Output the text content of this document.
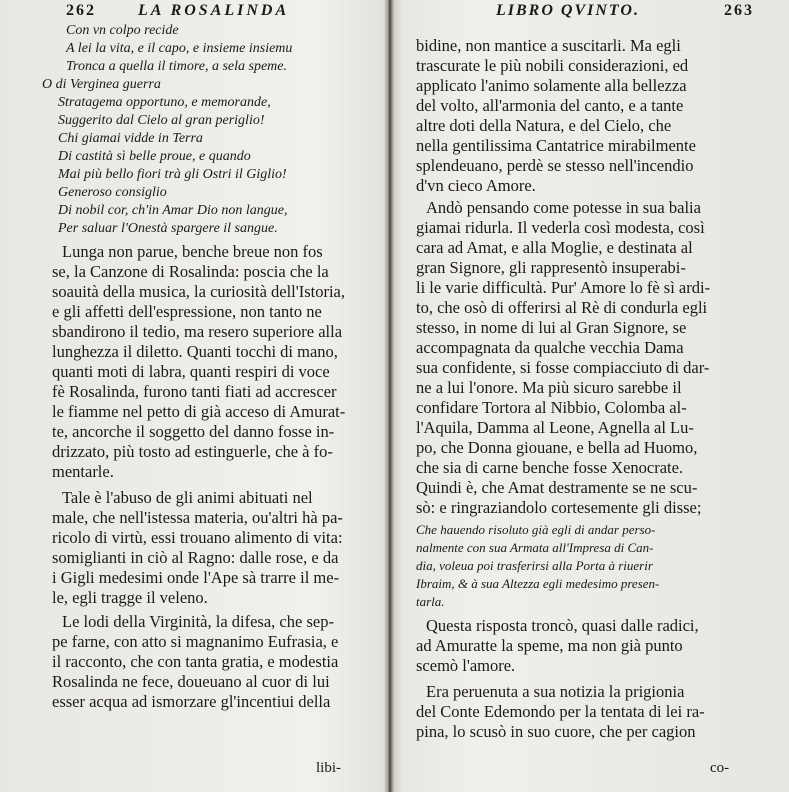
262	LA ROSALINDA
Con vn colpo recide
A lei la vita, e il capo, e insieme insiemu
Tronca a quella il timore, a sela speme.
O di Verginea guerra
Stratagema opportuno, e memorande,
Suggerito dal Cielo al gran periglio!
Chi giamai vidde in Terra
Di castità sì belle proue, e quando
Mai più bello fiori trà gli Ostri il Giglio!
Generoso consiglio
Di nobil cor, ch'in Amar Dio non langue,
Per saluar l'Onestà spargere il sangue.
Lunga non parue, benche breue non fos
se, la Canzone di Rosalinda: poscia che la
soauità della musica, la curiosità dell'Istoria,
e gli affetti dell'espressione, non tanto ne
sbandirono il tedio, ma resero superiore alla
lunghezza il diletto. Quanti tocchi di mano,
quanti moti di labra, quanti respiri di voce
fè Rosalinda, furono tanti fiati ad accrescer
le fiamme nel petto di già acceso di Amurat-
te, ancorche il soggetto del danno fosse in-
drizzato, più tosto ad estinguerle, che à fo-
mentarle.
Tale è l'abuso de gli animi abituati nel
male, che nell'istessa materia, ou'altri hà pa-
ricolo di virtù, essi trouano alimento di vita:
somiglianti in ciò al Ragno: dalle rose, e da
i Gigli medesimi onde l'Ape sà trarre il me-
le, egli tragge il veleno.
Le lodi della Virginità, la difesa, che sep-
pe farne, con atto si magnanimo Eufrasia, e
il racconto, che con tanta gratia, e modestia
Rosalinda ne fece, doueuano al cuor di lui
esser acqua ad ismorzare gl'incentiui della
libi-
LIBRO QVINTO.	263
bidine, non mantice a suscitarli. Ma egli
trascurate le più nobili considerazioni, ed
applicato l'animo solamente alla bellezza
del volto, all'armonia del canto, e a tante
altre doti della Natura, e del Cielo, che
nella gentilissima Cantatrice mirabilmente
splendeuano, perdè se stesso nell'incendio
d'vn cieco Amore.
Andò pensando come potesse in sua balia
giamai ridurla. Il vederla così modesta, così
cara ad Amat, e alla Moglie, e destinata al
gran Signore, gli rappresentò insuperabi-
li le varie difficultà. Pur' Amore lo fè sì ardi-
to, che osò di offerirsi al Rè di condurla egli
stesso, in nome di lui al Gran Signore, se
accompagnata da qualche vecchia Dama
sua confidente, si fosse compiacciuto di dar-
ne a lui l'onore. Ma più sicuro sarebbe il
confidare Tortora al Nibbio, Colomba al-
l'Aquila, Damma al Leone, Agnella al Lu-
po, che Donna giouane, e bella ad Huomo,
che sia di carne benche fosse Xenocrate.
Quindi è, che Amat destramente se ne scu-
sò: e ringraziandolo cortesemente gli disse;
Che hauendo risoluto già egli di andar perso-
nalmente con sua Armata all'Impresa di Can-
dia, voleua poi trasferirsi alla Porta à riuerir
Ibraim, & à sua Altezza egli medesimo presen-
tarla.
Questa risposta troncò, quasi dalle radici,
ad Amuratte la speme, ma non già punto
scemò l'amore.
Era peruenuta a sua notizia la prigionia
del Conte Edemondo per la tentata di lei ra-
pina, lo scusò in suo cuore, che per cagion
co-
